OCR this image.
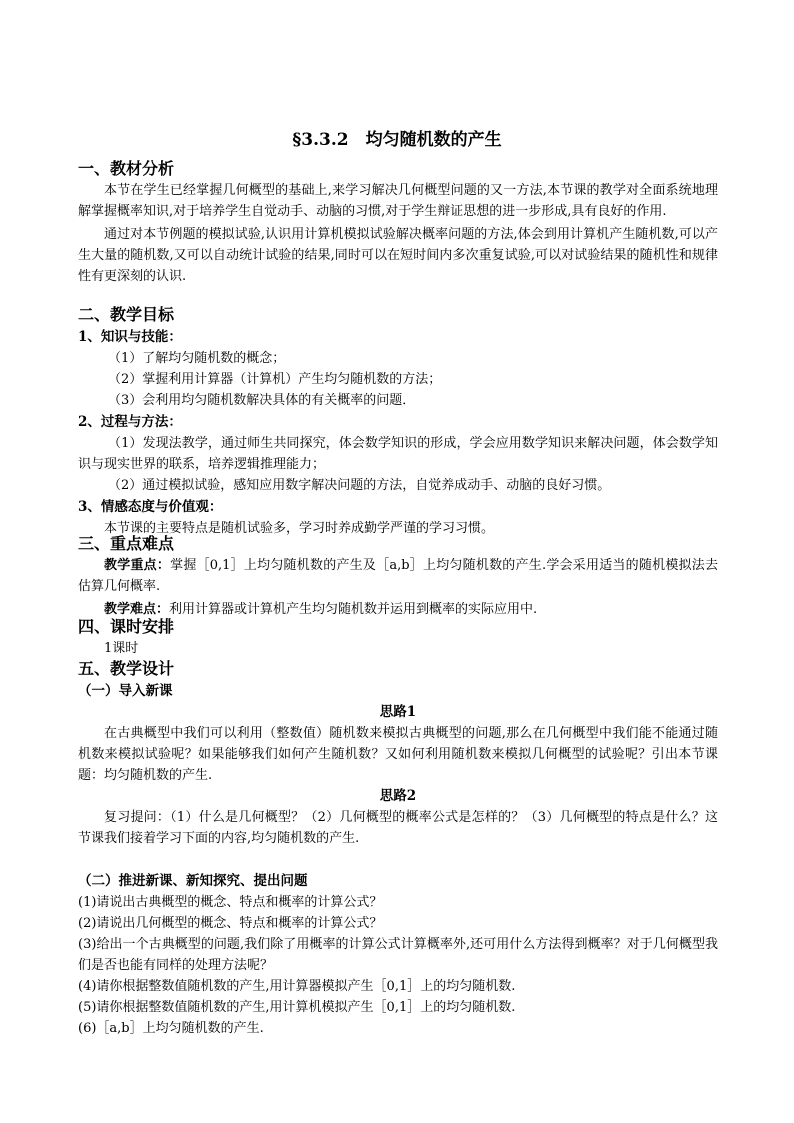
§3.3.2　均匀随机数的产生
一、教材分析
本节在学生已经掌握几何概型的基础上,来学习解决几何概型问题的又一方法,本节课的教学对全面系统地理解掌握概率知识,对于培养学生自觉动手、动脑的习惯,对于学生辩证思想的进一步形成,具有良好的作用.
通过对本节例题的模拟试验,认识用计算机模拟试验解决概率问题的方法,体会到用计算机产生随机数,可以产生大量的随机数,又可以自动统计试验的结果,同时可以在短时间内多次重复试验,可以对试验结果的随机性和规律性有更深刻的认识.
二、教学目标
1、知识与技能：
（1）了解均匀随机数的概念；
（2）掌握利用计算器（计算机）产生均匀随机数的方法；
（3）会利用均匀随机数解决具体的有关概率的问题．
2、过程与方法：
（1）发现法教学，通过师生共同探究，体会数学知识的形成，学会应用数学知识来解决问题，体会数学知识与现实世界的联系，培养逻辑推理能力；
（2）通过模拟试验，感知应用数字解决问题的方法，自觉养成动手、动脑的良好习惯。
3、情感态度与价值观：
本节课的主要特点是随机试验多，学习时养成勤学严谨的学习习惯。
三、重点难点
教学重点：掌握［0,1］上均匀随机数的产生及［a,b］上均匀随机数的产生.学会采用适当的随机模拟法去估算几何概率.
教学难点：利用计算器或计算机产生均匀随机数并运用到概率的实际应用中.
四、课时安排
1课时
五、教学设计
（一）导入新课
思路1
在古典概型中我们可以利用（整数值）随机数来模拟古典概型的问题,那么在几何概型中我们能不能通过随机数来模拟试验呢？如果能够我们如何产生随机数？又如何利用随机数来模拟几何概型的试验呢？引出本节课题：均匀随机数的产生.
思路2
复习提问：（1）什么是几何概型？（2）几何概型的概率公式是怎样的？（3）几何概型的特点是什么？这节课我们接着学习下面的内容,均匀随机数的产生.
（二）推进新课、新知探究、提出问题
(1)请说出古典概型的概念、特点和概率的计算公式？
(2)请说出几何概型的概念、特点和概率的计算公式？
(3)给出一个古典概型的问题,我们除了用概率的计算公式计算概率外,还可用什么方法得到概率？对于几何概型我们是否也能有同样的处理方法呢？
(4)请你根据整数值随机数的产生,用计算器模拟产生［0,1］上的均匀随机数.
(5)请你根据整数值随机数的产生,用计算机模拟产生［0,1］上的均匀随机数.
(6)［a,b］上均匀随机数的产生.
